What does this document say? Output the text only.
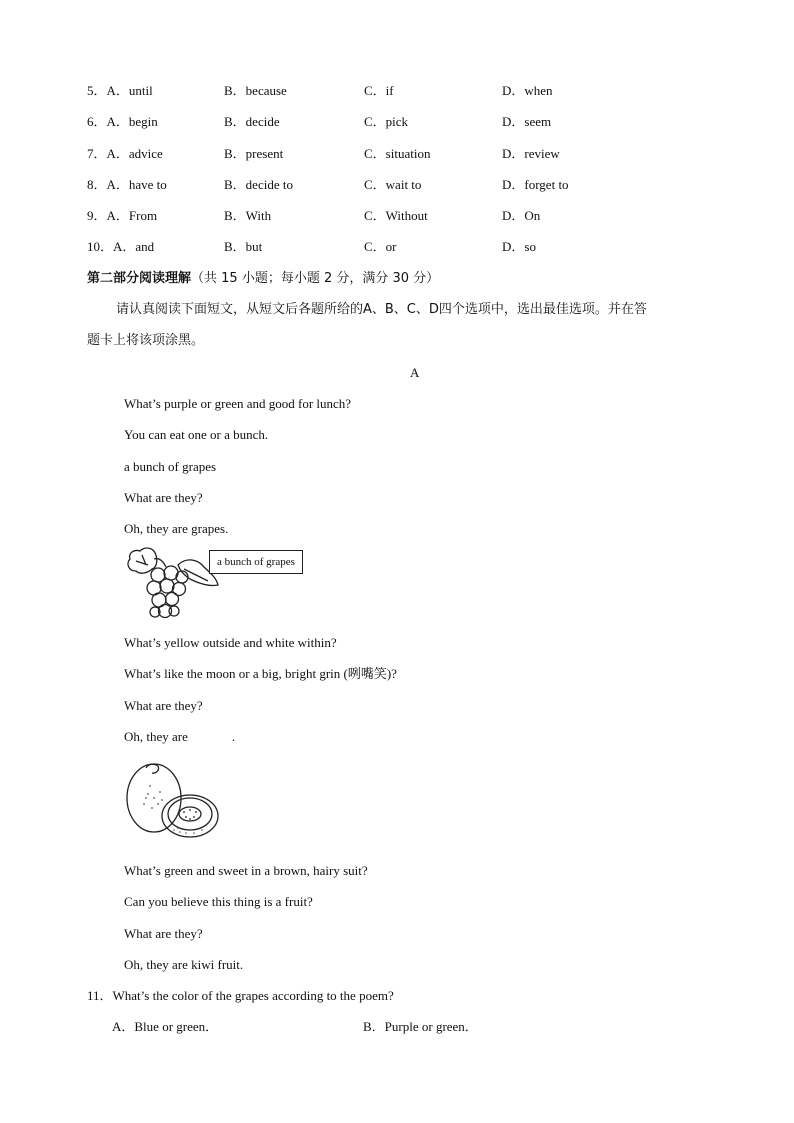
5．A．until	B．because	C．if	D．when
6．A．begin	B．decide	C．pick	D．seem
7．A．advice	B．present	C．situation	D．review
8．A．have to	B．decide to	C．wait to	D．forget to
9．A．From	B．With	C．Without	D．On
10．A．and	B．but	C．or	D．so
第二部分阅读理解（共 15 小题；每小题 2 分，满分 30 分）
请认真阅读下面短文，从短文后各题所给的A、B、C、D四个选项中，选出最佳选项。并在答
题卡上将该项涂黑。
A
What’s purple or green and good for lunch?
You can eat one or a bunch.
a bunch of grapes
What are they?
Oh, they are grapes.
a bunch of grapes
What’s yellow outside and white within?
What’s like the moon or a big, bright grin (咧嘴笑)?
What are they?
Oh, they are	.
What’s green and sweet in a brown, hairy suit?
Can you believe this thing is a fruit?
What are they?
Oh, they are kiwi fruit.
11．What’s the color of the grapes according to the poem?
A．Blue or green．	B．Purple or green．
